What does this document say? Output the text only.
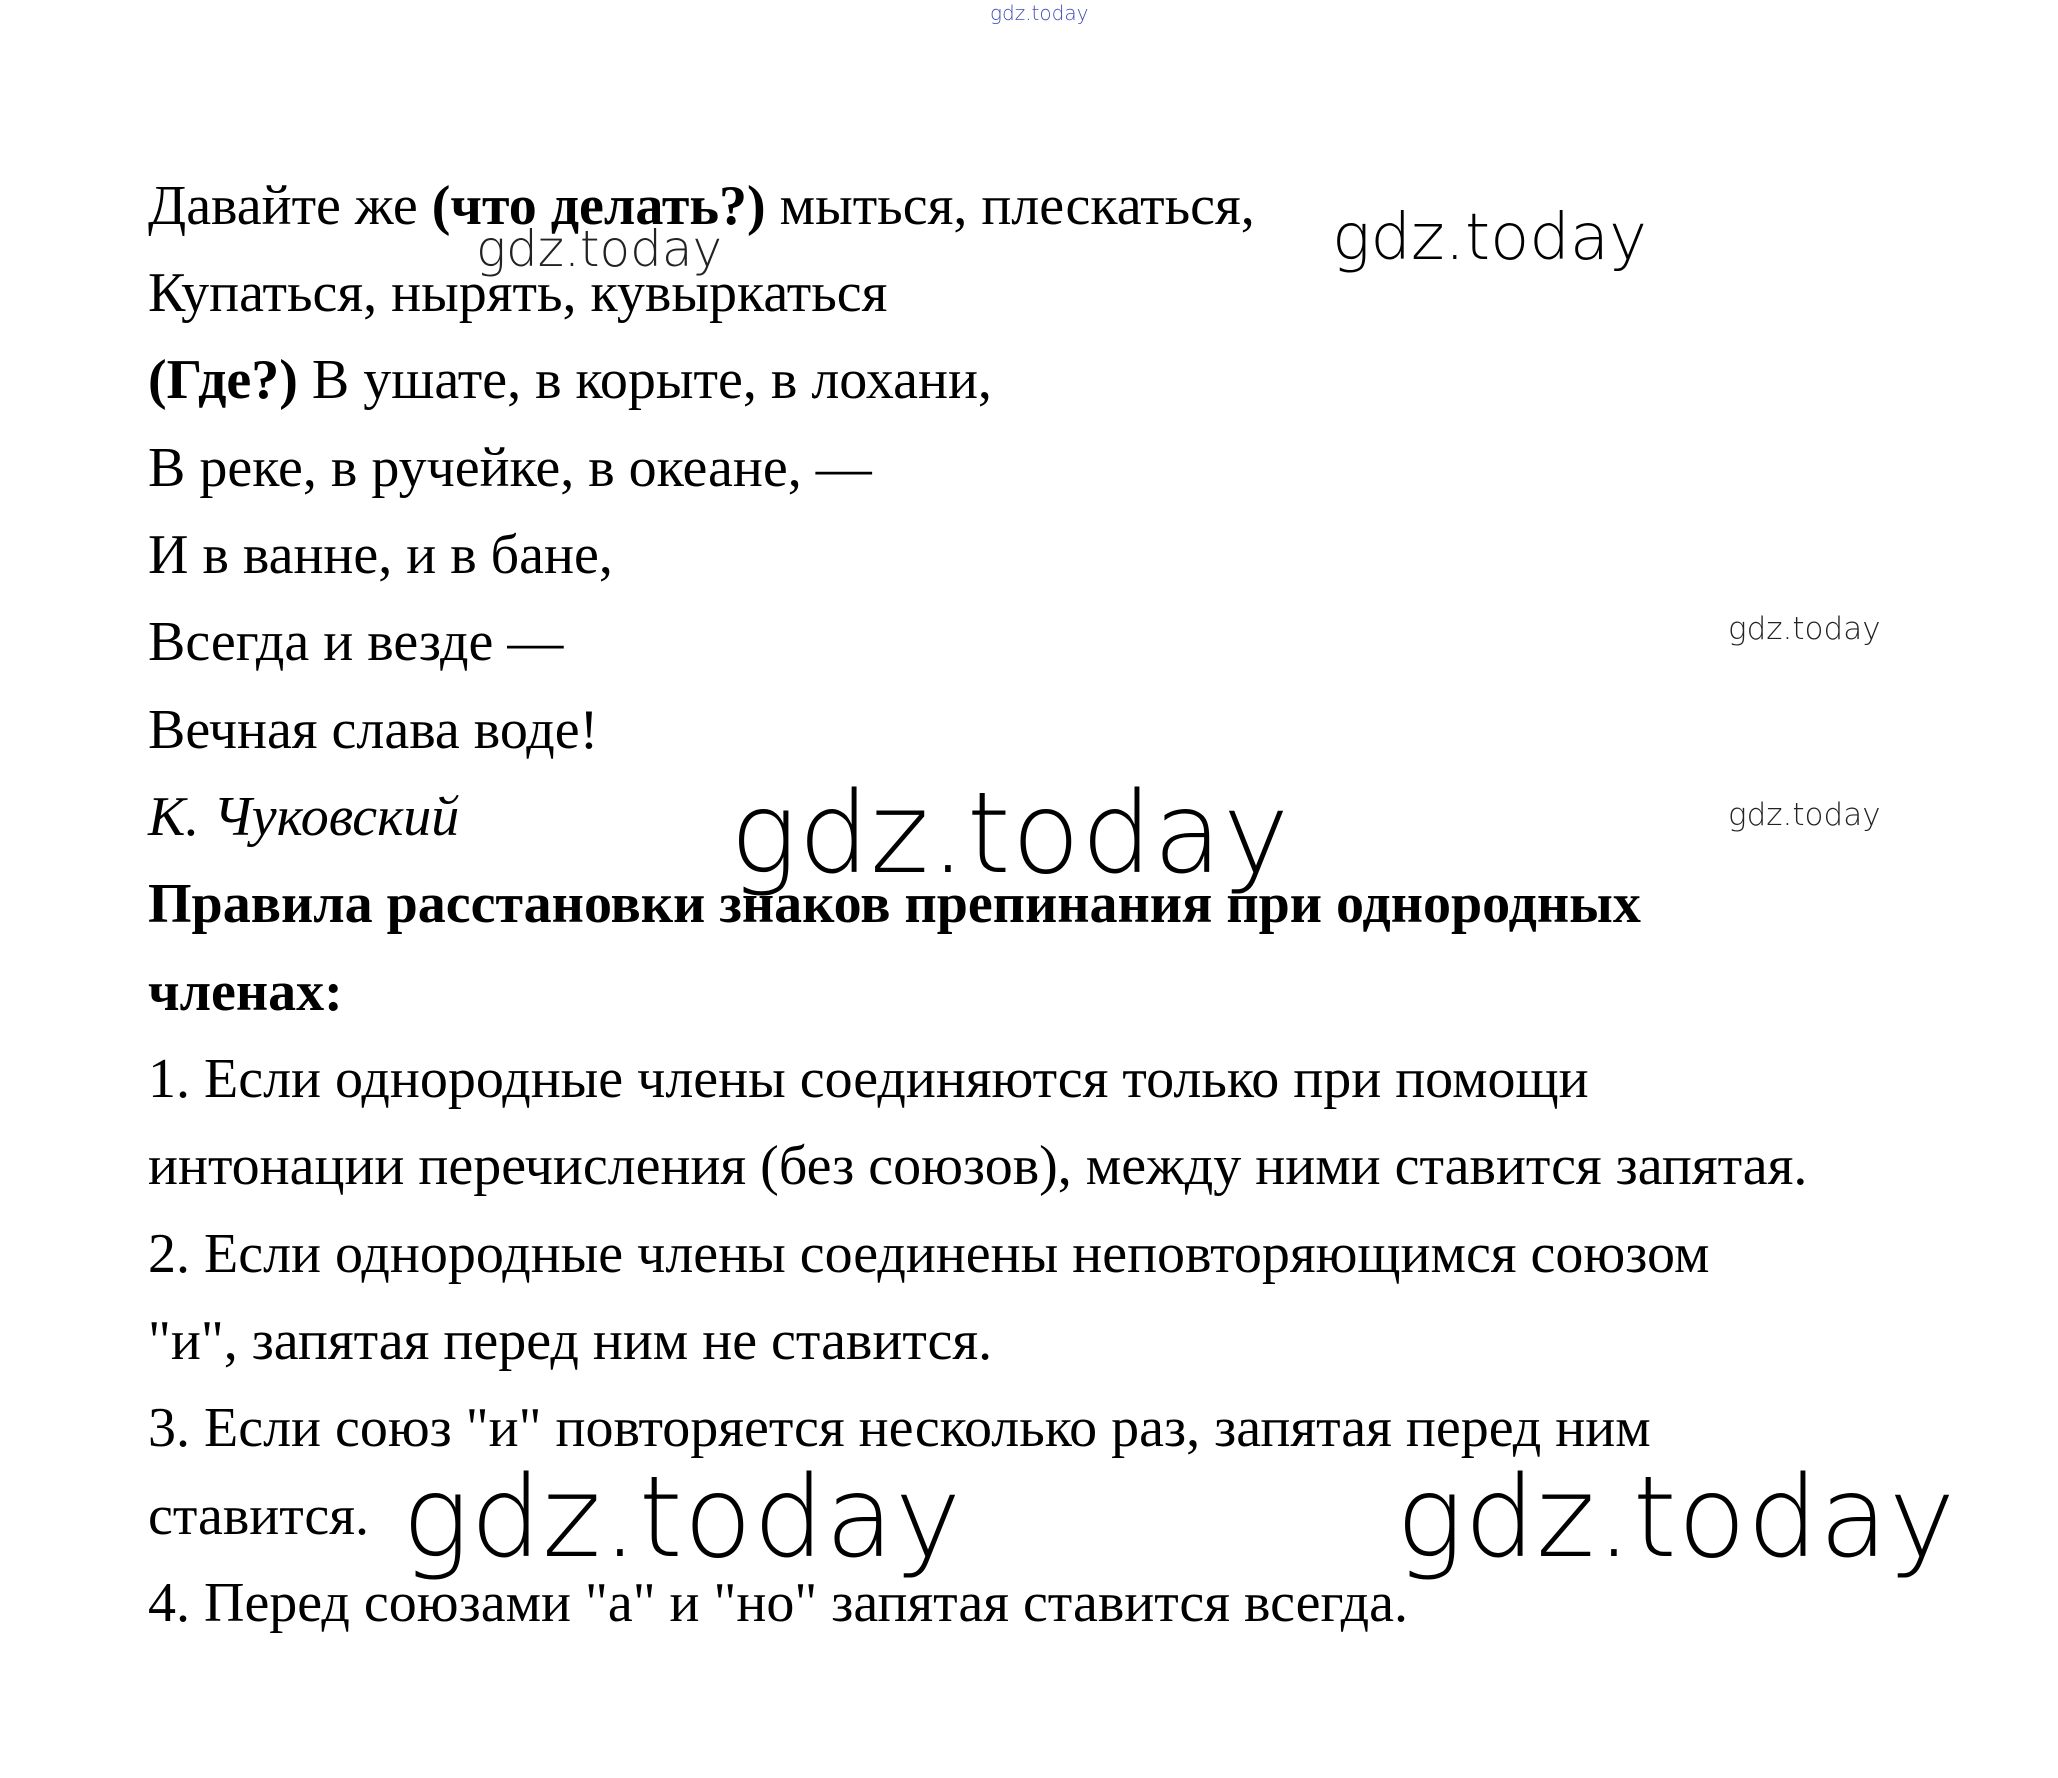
gdz.today
gdz.today	gdz.today
gdz.today
gdz.today
gdz.today
gdz.today	gdz.today
Давайте же (что делать?) мыться, плескаться,
Купаться, нырять, кувыркаться
(Где?) В ушате, в корыте, в лохани,
В реке, в ручейке, в океане, —
И в ванне, и в бане,
Всегда и везде —
Вечная слава воде!
К. Чуковский
Правила расстановки знаков препинания при однородных
членах:
1. Если однородные члены соединяются только при помощи
интонации перечисления (без союзов), между ними ставится запятая.
2. Если однородные члены соединены неповторяющимся союзом
"и", запятая перед ним не ставится.
3. Если союз "и" повторяется несколько раз, запятая перед ним
ставится.
4. Перед союзами "а" и "но" запятая ставится всегда.
